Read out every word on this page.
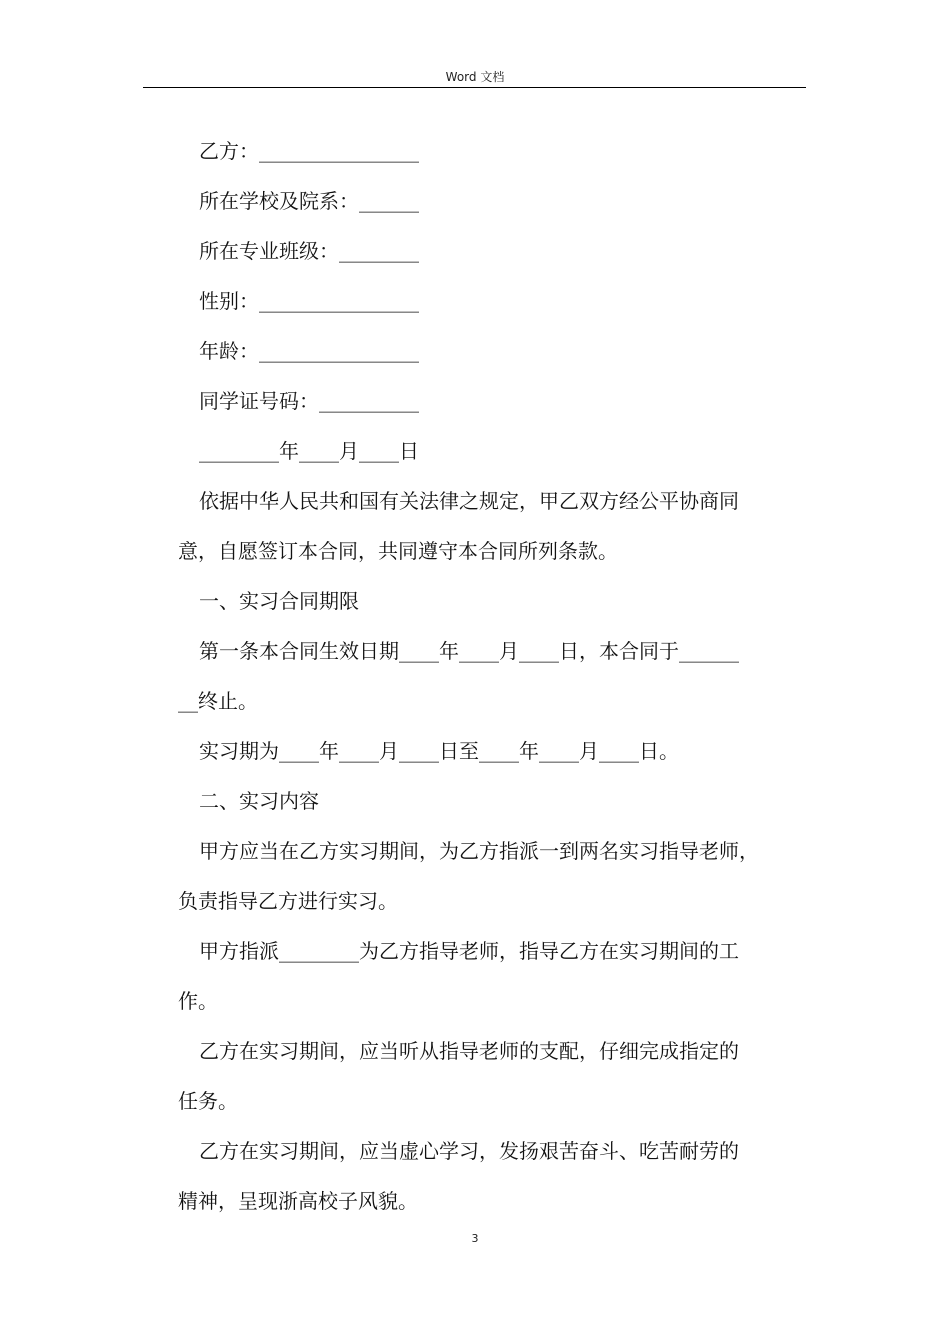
Word 文档
乙方：________________
所在学校及院系：______
所在专业班级：________
性别：________________
年龄：________________
同学证号码：__________
________年____月____日
依据中华人民共和国有关法律之规定，甲乙双方经公平协商同
意，自愿签订本合同，共同遵守本合同所列条款。
一、实习合同期限
第一条本合同生效日期____年____月____日，本合同于______
__终止。
实习期为____年____月____日至____年____月____日。
二、实习内容
甲方应当在乙方实习期间，为乙方指派一到两名实习指导老师，
负责指导乙方进行实习。
甲方指派________为乙方指导老师，指导乙方在实习期间的工
作。
乙方在实习期间，应当听从指导老师的支配，仔细完成指定的
任务。
乙方在实习期间，应当虚心学习，发扬艰苦奋斗、吃苦耐劳的
精神，呈现浙高校子风貌。
3
